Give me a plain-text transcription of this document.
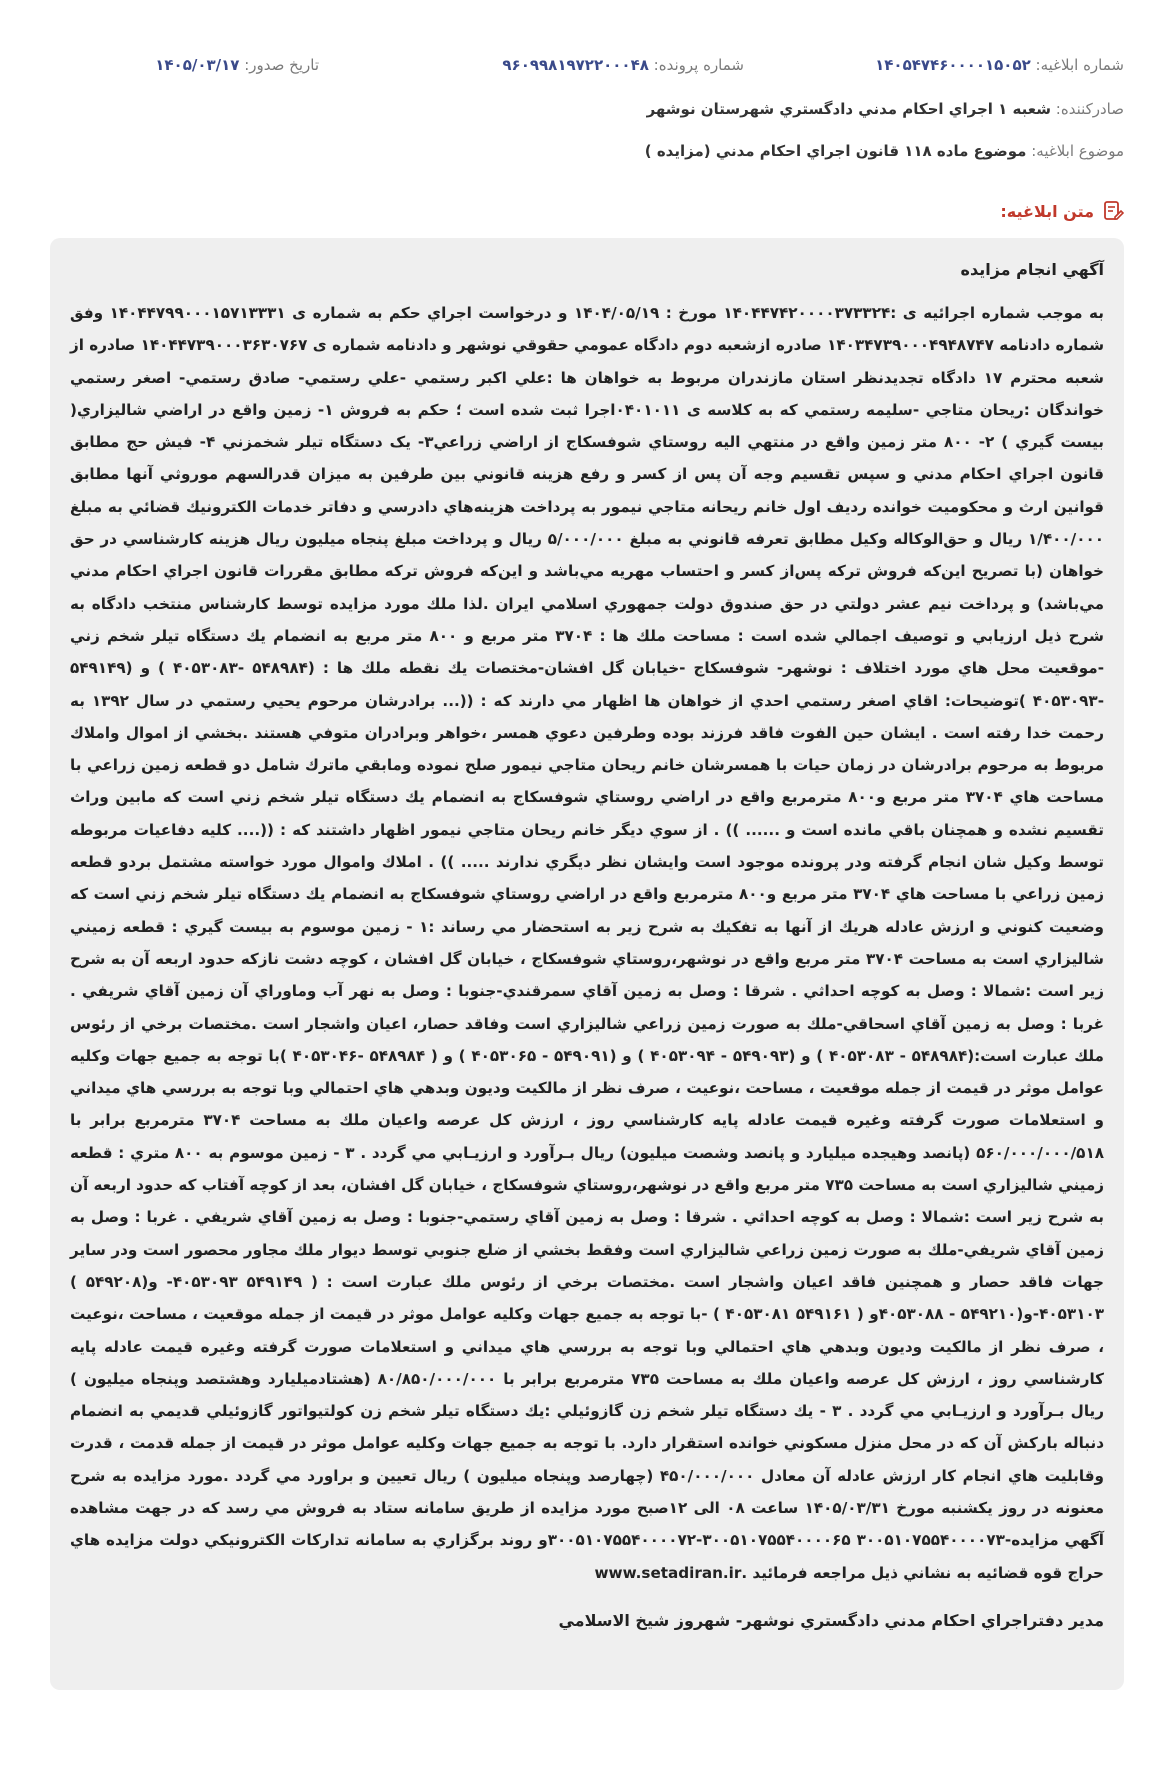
شماره ابلاغیه: ۱۴۰۵۴۷۴۶۰۰۰۰۱۵۰۵۲
شماره پرونده: ۹۶۰۹۹۸۱۹۷۲۲۰۰۰۴۸
تاریخ صدور: ۱۴۰۵/۰۳/۱۷
صادرکننده: شعبه ۱ اجراي احكام مدني دادگستري شهرستان نوشهر
موضوع ابلاغیه: موضوع ماده ۱۱۸ قانون اجراي احكام مدني (مزايده )
متن ابلاغیه:
آگهي انجام مزايده

به موجب شماره اجرائيه ی :۱۴۰۴۴۷۴۲۰۰۰۰۳۷۳۳۲۴ مورخ : ۱۴۰۴/۰۵/۱۹ و درخواست اجراي حكم به شماره ی ۱۴۰۴۴۷۹۹۰۰۰۱۵۷۱۳۳۳۱ وفق شماره دادنامه ۱۴۰۳۴۷۳۹۰۰۰۴۹۴۸۷۴۷ صادره ازشعبه دوم دادگاه عمومي حقوقي نوشهر و دادنامه شماره ی ۱۴۰۴۴۷۳۹۰۰۰۳۶۳۰۷۶۷ صادره از شعبه محترم ۱۷ دادگاه تجديدنظر استان مازندران مربوط به خواهان ها :علي اكبر رستمي -علي رستمي- صادق رستمي- اصغر رستمي خواندگان :ريحان متاجي -سليمه رستمي كه به كلاسه ی ۰۴۰۱۰۱۱اجرا ثبت شده است ؛ حكم به فروش ۱- زمين واقع در اراضي شاليزاري( بيست گيري ) ۲- ۸۰۰ متر زمين واقع در منتهي اليه روستاي شوفسكاج از اراضي زراعي۳- يک دستگاه تيلر شخمزني ۴- فيش حج مطابق قانون اجراي احكام مدني و سپس تقسيم وجه آن پس از كسر و رفع هزينه قانوني بين طرفين به ميزان قدرالسهم موروثي آنها مطابق قوانين ارث و محكوميت خوانده رديف اول خانم ريحانه متاجي نيمور به پرداخت هزينه‌هاي دادرسي و دفاتر خدمات الكترونيك قضائي به مبلغ ۱/۴۰۰/۰۰۰ ريال و حق‌الوكاله وكيل مطابق تعرفه قانوني به مبلغ ۵/۰۰۰/۰۰۰ ريال و پرداخت مبلغ پنجاه ميليون ريال هزينه كارشناسي در حق خواهان (با تصريح اين‌كه فروش تركه پس‌از كسر و احتساب مهريه مي‌باشد و اين‌كه فروش تركه مطابق مقررات قانون اجراي احكام مدني مي‌باشد) و پرداخت نيم عشر دولتي در حق صندوق دولت جمهوري اسلامي ايران .لذا ملك مورد مزايده توسط كارشناس منتخب دادگاه به شرح ذيل ارزيابي و توصيف اجمالي شده است : مساحت ملك ها : ۳۷۰۴ متر مربع و ۸۰۰ متر مربع به انضمام يك دستگاه تيلر شخم زني -موقعيت محل هاي مورد اختلاف : نوشهر- شوفسكاج -خيابان گل افشان-مختصات يك نقطه ملك ها : (۵۴۸۹۸۴ -۴۰۵۳۰۸۳ ) و (۵۴۹۱۴۹ -۴۰۵۳۰۹۳ )توضيحات: اقاي اصغر رستمي احدي از خواهان ها اظهار مي دارند كه : ((... برادرشان مرحوم يحيي رستمي در سال ۱۳۹۲ به رحمت خدا رفته است . ايشان حين الفوت فاقد فرزند بوده وطرفين دعوي همسر ،خواهر وبرادران متوفي هستند .بخشي از اموال واملاك مربوط به مرحوم برادرشان در زمان حيات با همسرشان خانم ريحان متاجي نيمور صلح نموده ومابقي ماترك شامل دو قطعه زمين زراعي با مساحت هاي ۳۷۰۴ متر مربع و۸۰۰ مترمربع واقع در اراضي روستاي شوفسكاج به انضمام يك دستگاه تيلر شخم زني است كه مابين وراث تقسيم نشده و همچنان باقي مانده است و ...... )) . از سوي ديگر خانم ريحان متاجي نيمور اظهار داشتند كه : ((.... كليه دفاعيات مربوطه توسط وكيل شان انجام گرفته ودر پرونده موجود است وايشان نظر ديگري ندارند ..... )) . املاك واموال مورد خواسته مشتمل بردو قطعه زمين زراعي با مساحت هاي ۳۷۰۴ متر مربع و۸۰۰ مترمربع واقع در اراضي روستاي شوفسكاج به انضمام يك دستگاه تيلر شخم زني است كه وضعيت كنوني و ارزش عادله هريك از آنها به تفكيك به شرح زير به استحضار مي رساند :۱ - زمين موسوم به بيست گيري : قطعه زميني شاليزاري است به مساحت ۳۷۰۴ متر مربع واقع در نوشهر،روستاي شوفسكاج ، خيابان گل افشان ، كوچه دشت نازكه حدود اربعه آن به شرح زير است :شمالا : وصل به كوچه احداثي . شرقا : وصل به زمين آقاي سمرقندي-جنوبا : وصل به نهر آب وماوراي آن زمين آقاي شريفي . غربا : وصل به زمين آقاي اسحاقي-ملك به صورت زمين زراعي شاليزاري است وفاقد حصار، اعيان واشجار است .مختصات برخي از رئوس ملك عبارت است:(۵۴۸۹۸۴ - ۴۰۵۳۰۸۳ ) و (۵۴۹۰۹۳ - ۴۰۵۳۰۹۴ ) و (۵۴۹۰۹۱ - ۴۰۵۳۰۶۵ ) و ( ۵۴۸۹۸۴ -۴۰۵۳۰۴۶ )با توجه به جميع جهات وكليه عوامل موثر در قيمت از جمله موقعيت ، مساحت ،نوعيت ، صرف نظر از مالكيت وديون وبدهي هاي احتمالي وبا توجه به بررسي هاي ميداني و استعلامات صورت گرفته وغيره قيمت عادله پايه كارشناسي روز ، ارزش كل عرصه واعيان ملك به مساحت ۳۷۰۴ مترمربع برابر با ۵۶۰/۰۰۰/۰۰۰/۵۱۸ (پانصد وهيجده ميليارد و پانصد وشصت ميليون) ريال بـرآورد و ارزيـابي مي گردد . ۳ - زمين موسوم به ۸۰۰ متري : قطعه زميني شاليزاري است به مساحت ۷۳۵ متر مربع واقع در نوشهر،روستاي شوفسكاج ، خيابان گل افشان، بعد از كوچه آفتاب كه حدود اربعه آن به شرح زير است :شمالا : وصل به كوچه احداثي . شرقا : وصل به زمين آقاي رستمي-جنوبا : وصل به زمين آقاي شريفي . غربا : وصل به زمين آقاي شريفي-ملك به صورت زمين زراعي شاليزاري است وفقط بخشي از ضلع جنوبي توسط ديوار ملك مجاور محصور است ودر ساير جهات فاقد حصار و همچنين فاقد اعيان واشجار است .مختصات برخي از رئوس ملك عبارت است : ( ۵۴۹۱۴۹ ۴۰۵۳۰۹۳- و(۵۴۹۲۰۸ ) ۴۰۵۳۱۰۳-و(۵۴۹۲۱۰ - ۴۰۵۳۰۸۸و ( ۵۴۹۱۶۱ ۴۰۵۳۰۸۱ ) -با توجه به جميع جهات وكليه عوامل موثر در قيمت از جمله موقعيت ، مساحت ،نوعيت ، صرف نظر از مالكيت وديون وبدهي هاي احتمالي وبا توجه به بررسي هاي ميداني و استعلامات صورت گرفته وغيره قيمت عادله پايه كارشناسي روز ، ارزش كل عرصه واعيان ملك به مساحت ۷۳۵ مترمربع برابر با ۸۰/۸۵۰/۰۰۰/۰۰۰ (هشتادميليارد وهشتصد وپنجاه ميليون ) ريال بـرآورد و ارزيـابي مي گردد . ۳ - يك دستگاه تيلر شخم زن گازوئيلي :يك دستگاه تيلر شخم زن كولتيواتور گازوئيلي قديمي به انضمام دنباله باركش آن كه در محل منزل مسكوني خوانده استقرار دارد. با توجه به جميع جهات وكليه عوامل موثر در قيمت از جمله قدمت ، قدرت وقابليت هاي انجام كار ارزش عادله آن معادل ۴۵۰/۰۰۰/۰۰۰ (چهارصد وپنجاه ميليون ) ريال تعيين و براورد مي گردد .مورد مزايده به شرح معنونه در روز يكشنبه مورخ ۱۴۰۵/۰۳/۳۱ ساعت ۰۸ الی ۱۲صبح مورد مزايده از طريق سامانه ستاد به فروش مي رسد كه در جهت مشاهده آگهي مزايده-۳۰۰۵۱۰۷۵۵۴۰۰۰۰۷۳ ۳۰۰۵۱۰۷۵۵۴۰۰۰۰۶۵-۳۰۰۵۱۰۷۵۵۴۰۰۰۰۷۲و روند برگزاري به سامانه تداركات الكترونيكي دولت مزايده هاي حراج قوه قضائيه به نشاني ذيل مراجعه فرمائيد .www.setadiran.ir

مدير دفتراجراي احكام مدني دادگستري نوشهر- شهروز شيخ الاسلامي
